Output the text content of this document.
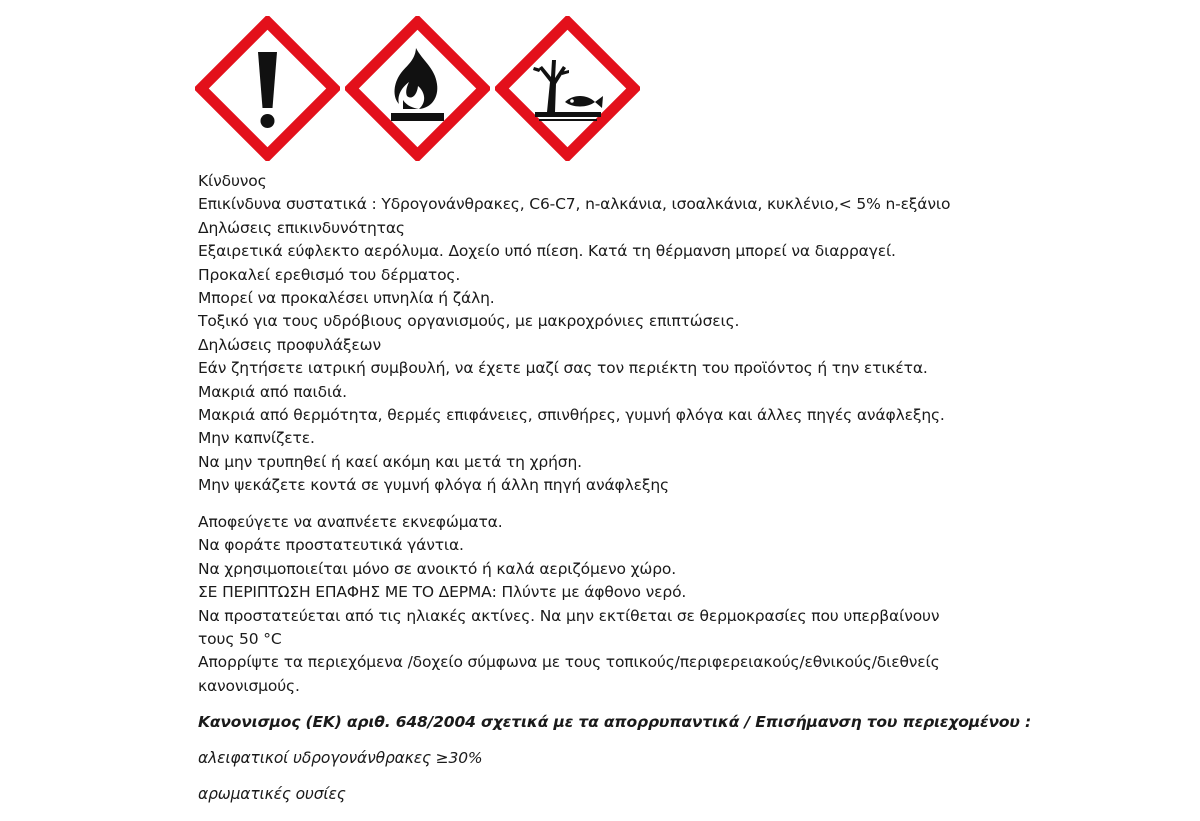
Κίνδυνος
Επικίνδυνα συστατικά : Υδρογονάνθρακες, C6-C7, n-αλκάνια, ισοαλκάνια, κυκλένιο,< 5% n-εξάνιο
Δηλώσεις επικινδυνότητας
Εξαιρετικά εύφλεκτο αερόλυμα. Δοχείο υπό πίεση. Κατά τη θέρμανση μπορεί να διαρραγεί.
Προκαλεί ερεθισμό του δέρματος.
Μπορεί να προκαλέσει υπνηλία ή ζάλη.
Τοξικό για τους υδρόβιους οργανισμούς, με μακροχρόνιες επιπτώσεις.
Δηλώσεις προφυλάξεων
Εάν ζητήσετε ιατρική συμβουλή, να έχετε μαζί σας τον περιέκτη του προϊόντος ή την ετικέτα.
Μακριά από παιδιά.
Μακριά από θερμότητα, θερμές επιφάνειες, σπινθήρες, γυμνή φλόγα και άλλες πηγές ανάφλεξης.
Μην καπνίζετε.
Να μην τρυπηθεί ή καεί ακόμη και μετά τη χρήση.
Μην ψεκάζετε κοντά σε γυμνή φλόγα ή άλλη πηγή ανάφλεξης
Αποφεύγετε να αναπνέετε εκνεφώματα.
Να φοράτε προστατευτικά γάντια.
Να χρησιμοποιείται μόνο σε ανοικτό ή καλά αεριζόμενο χώρο.
ΣΕ ΠΕΡΙΠΤΩΣΗ ΕΠΑΦΗΣ ΜΕ ΤΟ ΔΕΡΜΑ: Πλύντε με άφθονο νερό.
Να προστατεύεται από τις ηλιακές ακτίνες. Να μην εκτίθεται σε θερμοκρασίες που υπερβαίνουν
τους 50 °C
Απορρίψτε τα περιεχόμενα /δοχείο σύμφωνα με τους τοπικούς/περιφερειακούς/εθνικούς/διεθνείς
κανονισμούς.
Κανονισμος (ΕΚ) αριθ. 648/2004 σχετικά με τα απορρυπαντικά / Επισήμανση του περιεχομένου :
αλειφατικοί υδρογονάνθρακες ≥30%
αρωματικές ουσίες
